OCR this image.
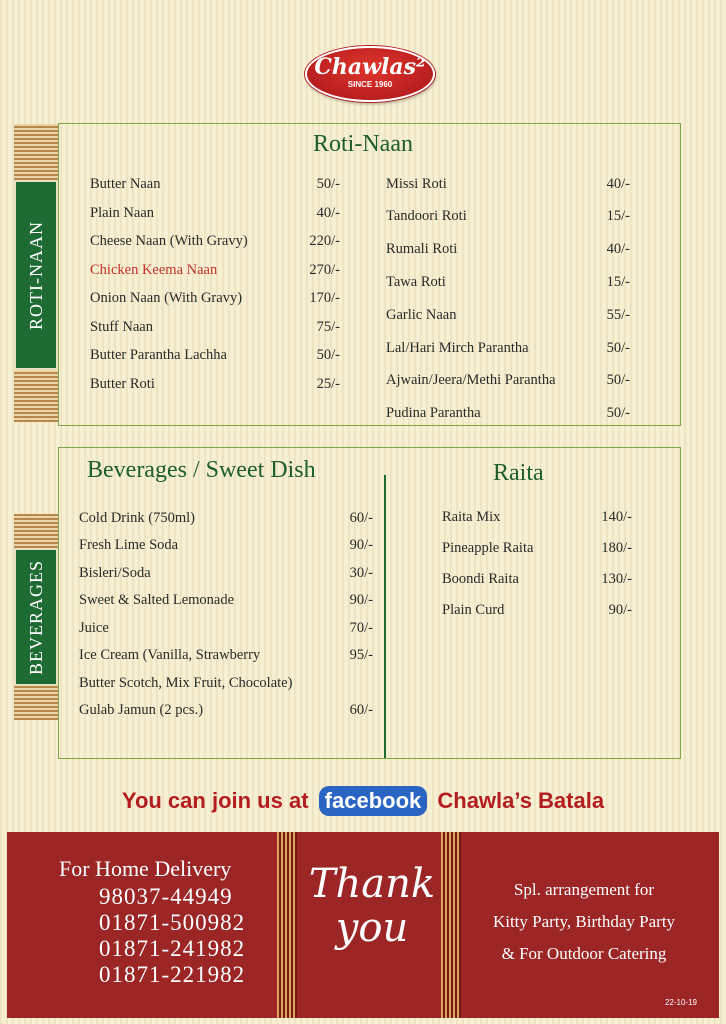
Chawlas²
SINCE 1960
ROTI-NAAN
Roti-Naan
Butter Naan	50/-
Plain Naan	40/-
Cheese Naan (With Gravy)	220/-
Chicken Keema Naan	270/-
Onion Naan (With Gravy)	170/-
Stuff Naan	75/-
Butter Parantha Lachha	50/-
Butter Roti	25/-
Missi Roti	40/-
Tandoori Roti	15/-
Rumali Roti	40/-
Tawa Roti	15/-
Garlic Naan	55/-
Lal/Hari Mirch Parantha	50/-
Ajwain/Jeera/Methi Parantha	50/-
Pudina Parantha	50/-
BEVERAGES
Beverages / Sweet Dish	Raita
Cold Drink (750ml)	60/-
Fresh Lime Soda	90/-
Bisleri/Soda	30/-
Sweet & Salted Lemonade	90/-
Juice	70/-
Ice Cream (Vanilla, Strawberry	95/-
Butter Scotch, Mix Fruit, Chocolate)
Gulab Jamun (2 pcs.)	60/-
Raita Mix	140/-
Pineapple Raita	180/-
Boondi Raita	130/-
Plain Curd	90/-
You can join us at facebook Chawla’s Batala
For Home Delivery
98037-44949
01871-500982
01871-241982
01871-221982
Thank
you
Spl. arrangement for
Kitty Party, Birthday Party
& For Outdoor Catering
22-10-19
